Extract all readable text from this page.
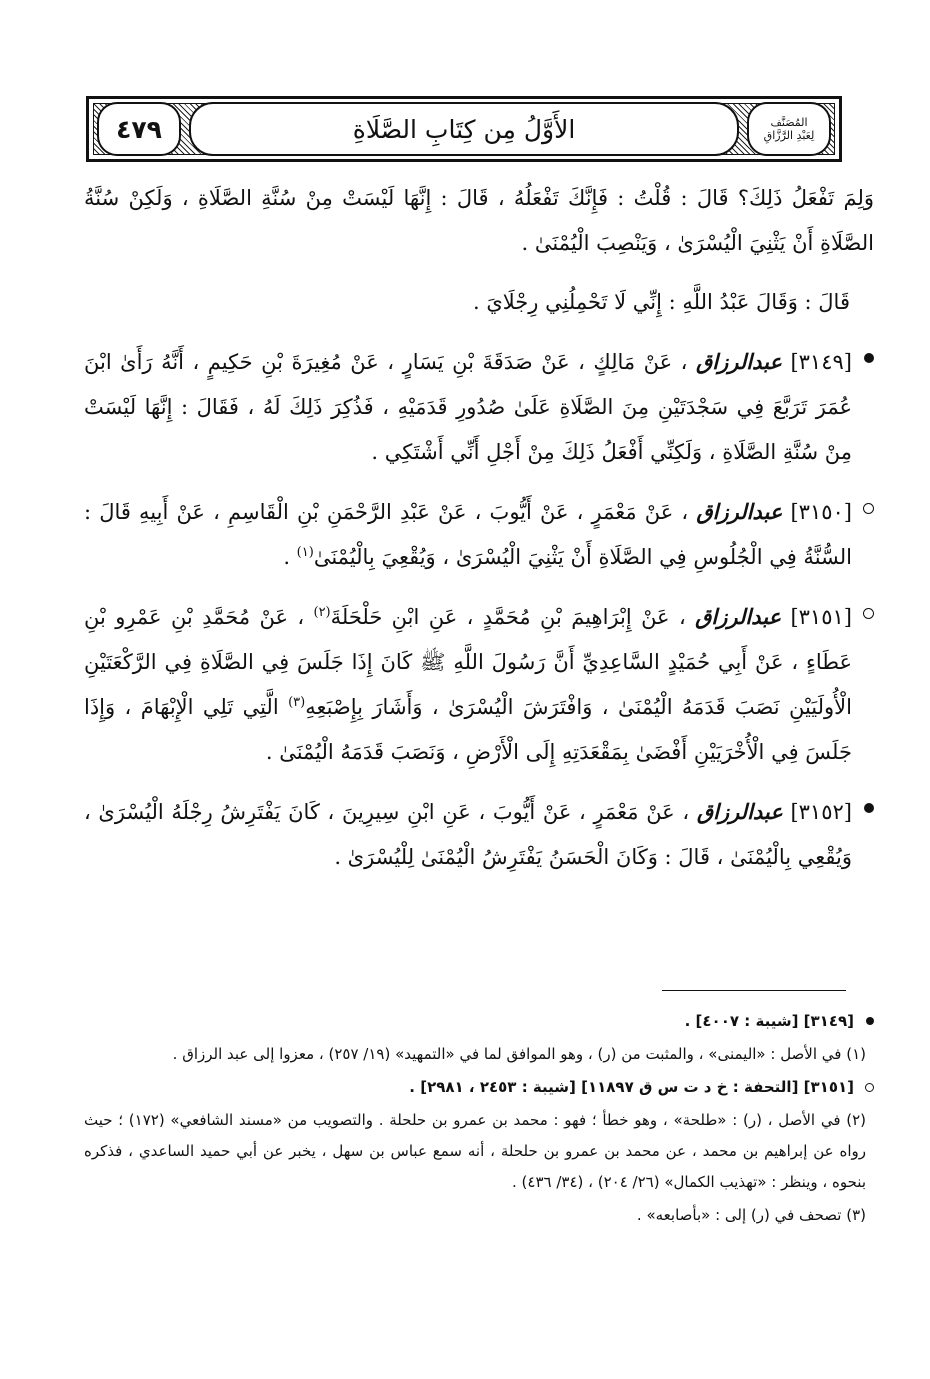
٤٧٩	الأَوَّلُ مِن كِتَابِ الصَّلَاةِ	المُصَنَّف
لِعَبْدِ الرَّزَّاقِ

وَلِمَ تَفْعَلُ ذَلِكَ؟ قَالَ : قُلْتُ : فَإِنَّكَ تَفْعَلُهُ ، قَالَ : إِنَّهَا لَيْسَتْ مِنْ سُنَّةِ الصَّلَاةِ ، وَلَكِنْ سُنَّةُ الصَّلَاةِ أَنْ يَثْنِيَ الْيُسْرَىٰ ، وَيَنْصِبَ الْيُمْنَىٰ .

قَالَ : وَقَالَ عَبْدُ اللَّهِ : إِنِّي لَا تَحْمِلُنِي رِجْلَايَ .

[٣١٤٩] عبدالرزاق ، عَنْ مَالِكٍ ، عَنْ صَدَقَةَ بْنِ يَسَارٍ ، عَنْ مُغِيرَةَ بْنِ حَكِيمٍ ، أَنَّهُ رَأَىٰ ابْنَ عُمَرَ تَرَبَّعَ فِي سَجْدَتَيْنِ مِنَ الصَّلَاةِ عَلَىٰ صُدُورِ قَدَمَيْهِ ، فَذُكِرَ ذَلِكَ لَهُ ، فَقَالَ : إِنَّهَا لَيْسَتْ مِنْ سُنَّةِ الصَّلَاةِ ، وَلَكِنِّي أَفْعَلُ ذَلِكَ مِنْ أَجْلِ أَنِّي أَشْتَكِي .

[٣١٥٠] عبدالرزاق ، عَنْ مَعْمَرٍ ، عَنْ أَيُّوبَ ، عَنْ عَبْدِ الرَّحْمَنِ بْنِ الْقَاسِمِ ، عَنْ أَبِيهِ قَالَ : السُّنَّةُ فِي الْجُلُوسِ فِي الصَّلَاةِ أَنْ يَثْنِيَ الْيُسْرَىٰ ، وَيُقْعِيَ بِالْيُمْنَىٰ$^{(١)}$ .

[٣١٥١] عبدالرزاق ، عَنْ إِبْرَاهِيمَ بْنِ مُحَمَّدٍ ، عَنِ ابْنِ حَلْحَلَةَ$^{(٢)}$ ، عَنْ مُحَمَّدِ بْنِ عَمْرِو بْنِ عَطَاءٍ ، عَنْ أَبِي حُمَيْدٍ السَّاعِدِيِّ أَنَّ رَسُولَ اللَّهِ ﷺ كَانَ إِذَا جَلَسَ فِي الصَّلَاةِ فِي الرَّكْعَتَيْنِ الْأُولَيَيْنِ نَصَبَ قَدَمَهُ الْيُمْنَىٰ ، وَافْتَرَشَ الْيُسْرَىٰ ، وَأَشَارَ بِإِصْبَعِهِ$^{(٣)}$ الَّتِي تَلِي الْإِبْهَامَ ، وَإِذَا جَلَسَ فِي الْأُخْرَيَيْنِ أَفْضَىٰ بِمَقْعَدَتِهِ إِلَى الْأَرْضِ ، وَنَصَبَ قَدَمَهُ الْيُمْنَىٰ .

[٣١٥٢] عبدالرزاق ، عَنْ مَعْمَرٍ ، عَنْ أَيُّوبَ ، عَنِ ابْنِ سِيرِينَ ، كَانَ يَفْتَرِشُ رِجْلَهُ الْيُسْرَىٰ ، وَيُقْعِي بِالْيُمْنَىٰ ، قَالَ : وَكَانَ الْحَسَنُ يَفْتَرِشُ الْيُمْنَىٰ لِلْيُسْرَىٰ .

[٣١٤٩] [شيبة : ٤٠٠٧] .

(١) في الأصل : «اليمنى» ، والمثبت من (ر) ، وهو الموافق لما في «التمهيد» (١٩/ ٢٥٧) ، معزوا إلى عبد الرزاق .

[٣١٥١] [التحفة : خ د ت س ق ١١٨٩٧] [شيبة : ٢٤٥٣ ، ٢٩٨١] .

(٢) في الأصل ، (ر) : «طلحة» ، وهو خطأ ؛ فهو : محمد بن عمرو بن حلحلة . والتصويب من «مسند الشافعي» (١٧٢) ؛ حيث رواه عن إبراهيم بن محمد ، عن محمد بن عمرو بن حلحلة ، أنه سمع عباس بن سهل ، يخبر عن أبي حميد الساعدي ، فذكره بنحوه ، وينظر : «تهذيب الكمال» (٢٦/ ٢٠٤) ، (٣٤/ ٤٣٦) .

(٣) تصحف في (ر) إلى : «بأصابعه» .
